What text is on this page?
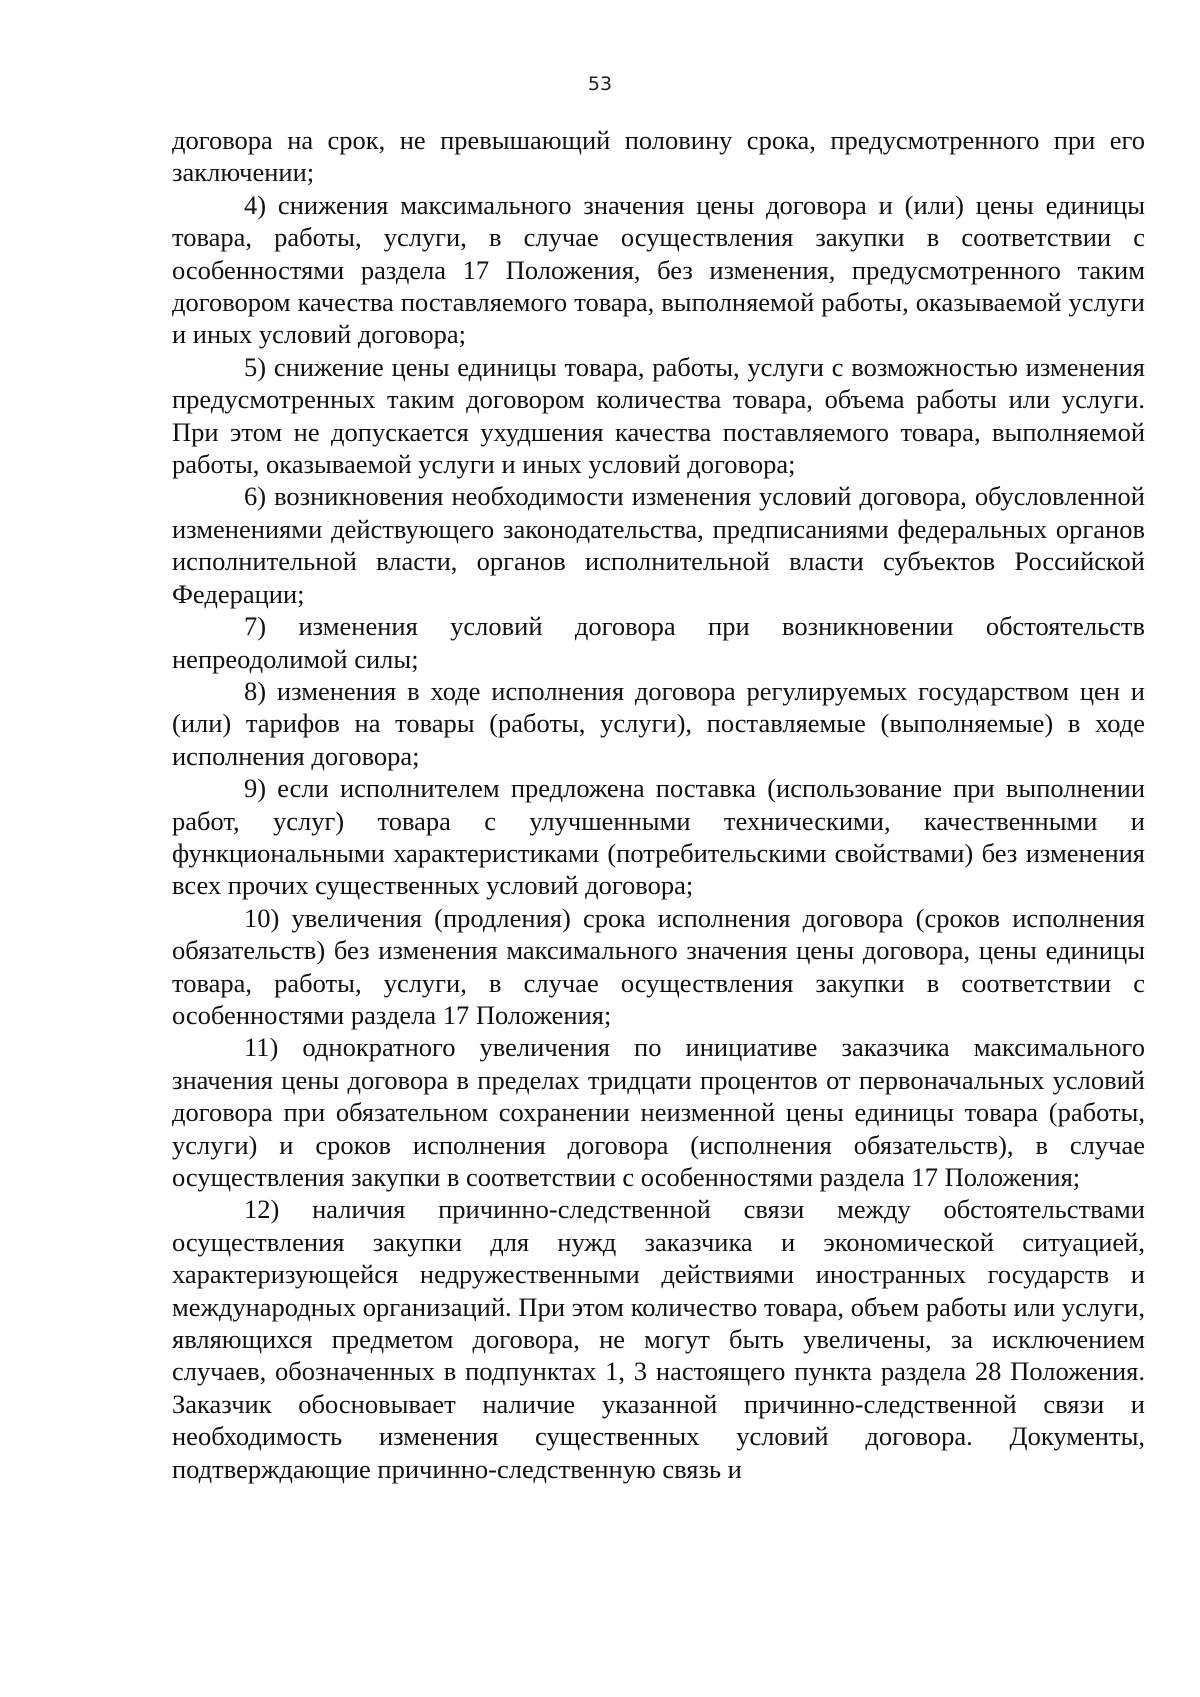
53

договора на срок, не превышающий половину срока, предусмотренного при его заключении;

4) снижения максимального значения цены договора и (или) цены единицы товара, работы, услуги, в случае осуществления закупки в соответствии с особенностями раздела 17 Положения, без изменения, предусмотренного таким договором качества поставляемого товара, выполняемой работы, оказываемой услуги и иных условий договора;

5) снижение цены единицы товара, работы, услуги с возможностью изменения предусмотренных таким договором количества товара, объема работы или услуги. При этом не допускается ухудшения качества поставляемого товара, выполняемой работы, оказываемой услуги и иных условий договора;

6) возникновения необходимости изменения условий договора, обусловленной изменениями действующего законодательства, предписаниями федеральных органов исполнительной власти, органов исполнительной власти субъектов Российской Федерации;

7) изменения условий договора при возникновении обстоятельств непреодолимой силы;

8) изменения в ходе исполнения договора регулируемых государством цен и (или) тарифов на товары (работы, услуги), поставляемые (выполняемые) в ходе исполнения договора;

9) если исполнителем предложена поставка (использование при выполнении работ, услуг) товара с улучшенными техническими, качественными и функциональными характеристиками (потребительскими свойствами) без изменения всех прочих существенных условий договора;

10) увеличения (продления) срока исполнения договора (сроков исполнения обязательств) без изменения максимального значения цены договора, цены единицы товара, работы, услуги, в случае осуществления закупки в соответствии с особенностями раздела 17 Положения;

11) однократного увеличения по инициативе заказчика максимального значения цены договора в пределах тридцати процентов от первоначальных условий договора при обязательном сохранении неизменной цены единицы товара (работы, услуги) и сроков исполнения договора (исполнения обязательств), в случае осуществления закупки в соответствии с особенностями раздела 17 Положения;

12) наличия причинно-следственной связи между обстоятельствами осуществления закупки для нужд заказчика и экономической ситуацией, характеризующейся недружественными действиями иностранных государств и международных организаций. При этом количество товара, объем работы или услуги, являющихся предметом договора, не могут быть увеличены, за исключением случаев, обозначенных в подпунктах 1, 3 настоящего пункта раздела 28 Положения. Заказчик обосновывает наличие указанной причинно-следственной связи и необходимость изменения существенных условий договора. Документы, подтверждающие причинно-следственную связь и
